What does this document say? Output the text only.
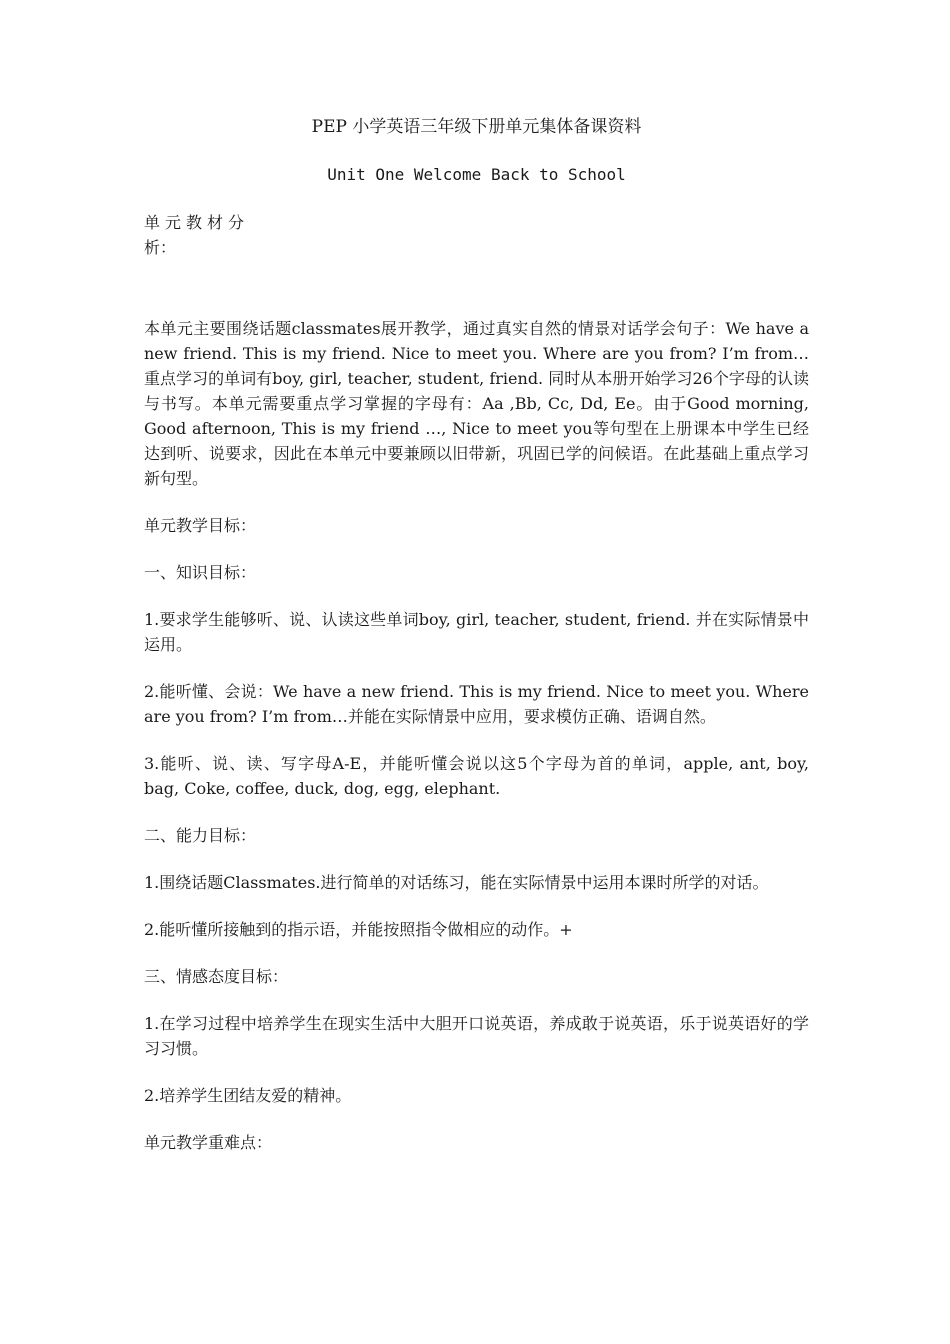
PEP 小学英语三年级下册单元集体备课资料

Unit One Welcome Back to School

单元教材分析：

本单元主要围绕话题classmates展开教学，通过真实自然的情景对话学会句子：We have a new friend. This is my friend. Nice to meet you. Where are you from? I’m from…重点学习的单词有boy, girl, teacher, student, friend. 同时从本册开始学习26个字母的认读与书写。本单元需要重点学习掌握的字母有：Aa ,Bb, Cc, Dd, Ee。由于Good morning, Good afternoon, This is my friend …, Nice to meet you等句型在上册课本中学生已经达到听、说要求，因此在本单元中要兼顾以旧带新，巩固已学的问候语。在此基础上重点学习新句型。

单元教学目标：

一、知识目标：

1.要求学生能够听、说、认读这些单词boy, girl, teacher, student, friend. 并在实际情景中运用。

2.能听懂、会说：We have a new friend. This is my friend. Nice to meet you. Where are you from? I’m from…并能在实际情景中应用，要求模仿正确、语调自然。

3.能听、说、读、写字母A-E，并能听懂会说以这5个字母为首的单词，apple, ant, boy, bag, Coke, coffee, duck, dog, egg, elephant.

二、能力目标：

1.围绕话题Classmates.进行简单的对话练习，能在实际情景中运用本课时所学的对话。

2.能听懂所接触到的指示语，并能按照指令做相应的动作。+

三、情感态度目标：

1.在学习过程中培养学生在现实生活中大胆开口说英语，养成敢于说英语，乐于说英语好的学习习惯。

2.培养学生团结友爱的精神。

单元教学重难点：
